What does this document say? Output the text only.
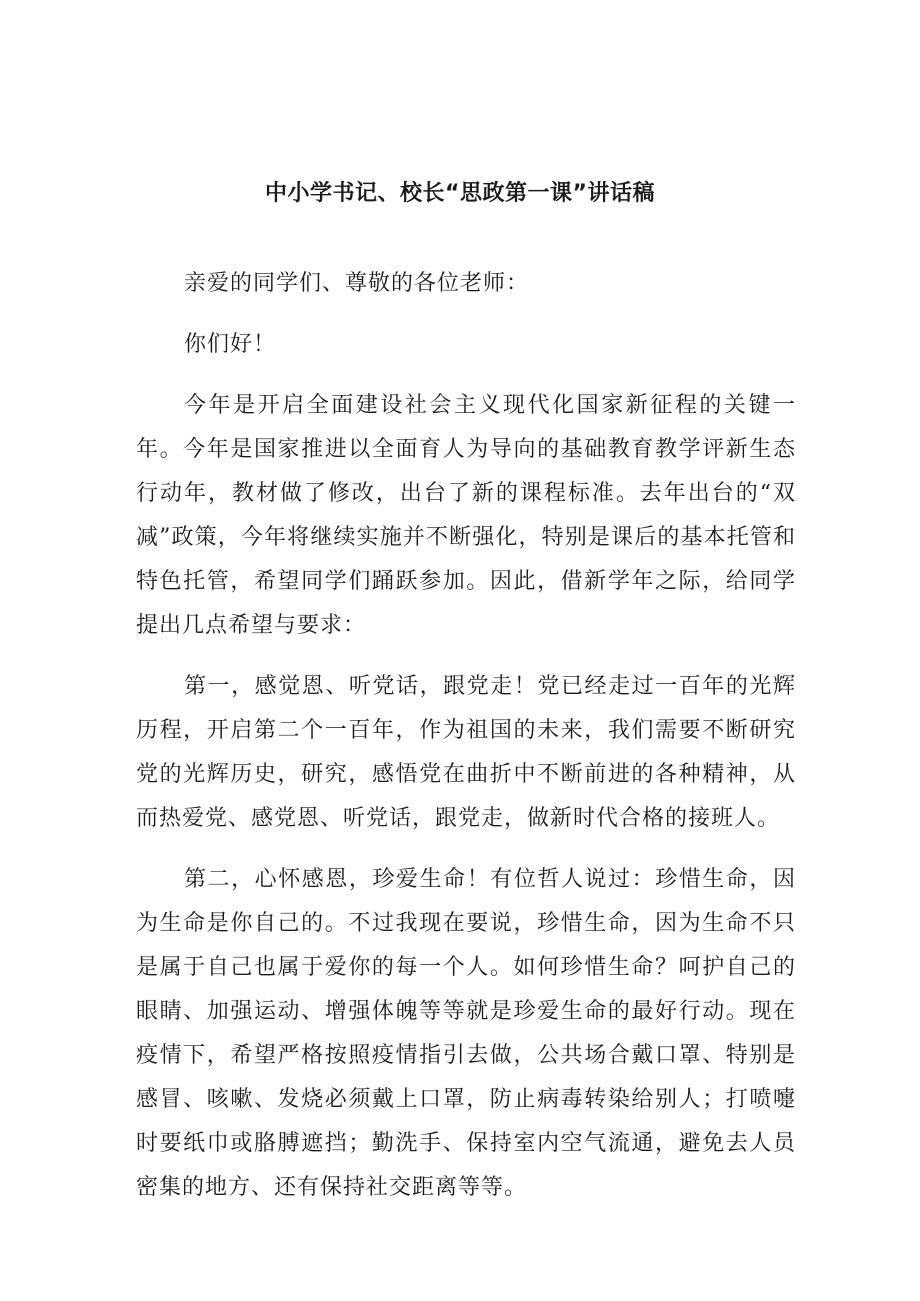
中小学书记、校长“思政第一课”讲话稿

亲爱的同学们、尊敬的各位老师：

你们好！

今年是开启全面建设社会主义现代化国家新征程的关键一年。今年是国家推进以全面育人为导向的基础教育教学评新生态行动年，教材做了修改，出台了新的课程标准。去年出台的“双减”政策，今年将继续实施并不断强化，特别是课后的基本托管和特色托管，希望同学们踊跃参加。因此，借新学年之际，给同学提出几点希望与要求：

第一，感觉恩、听党话，跟党走！党已经走过一百年的光辉历程，开启第二个一百年，作为祖国的未来，我们需要不断研究党的光辉历史，研究，感悟党在曲折中不断前进的各种精神，从而热爱党、感党恩、听党话，跟党走，做新时代合格的接班人。

第二，心怀感恩，珍爱生命！有位哲人说过：珍惜生命，因为生命是你自己的。不过我现在要说，珍惜生命，因为生命不只是属于自己也属于爱你的每一个人。如何珍惜生命？呵护自己的眼睛、加强运动、增强体魄等等就是珍爱生命的最好行动。现在疫情下，希望严格按照疫情指引去做，公共场合戴口罩、特别是感冒、咳嗽、发烧必须戴上口罩，防止病毒转染给别人；打喷嚏时要纸巾或胳膊遮挡；勤洗手、保持室内空气流通，避免去人员密集的地方、还有保持社交距离等等。
